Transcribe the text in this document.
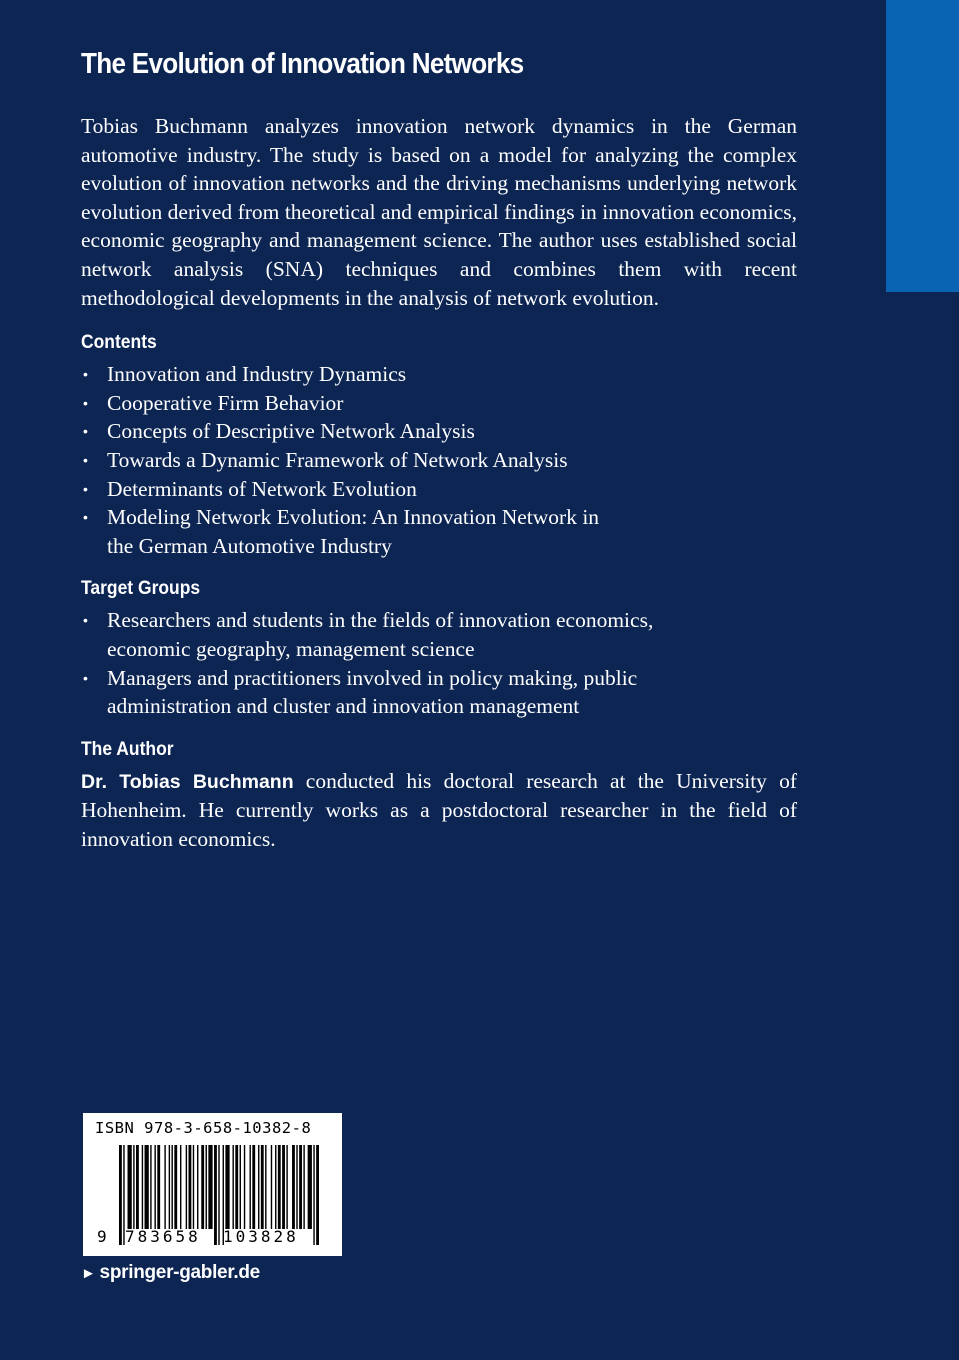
The Evolution of Innovation Networks

Tobias Buchmann analyzes innovation network dynamics in the German automotive industry. The study is based on a model for analyzing the complex evolution of innovation networks and the driving mechanisms underlying network evolution derived from theoretical and empirical findings in innovation economics, economic geography and management science. The author uses established social network analysis (SNA) techniques and combines them with recent methodological developments in the analysis of network evolution.

Contents
• Innovation and Industry Dynamics
• Cooperative Firm Behavior
• Concepts of Descriptive Network Analysis
• Towards a Dynamic Framework of Network Analysis
• Determinants of Network Evolution
• Modeling Network Evolution: An Innovation Network in the German Automotive Industry
Target Groups
• Researchers and students in the fields of innovation economics, economic geography, management science
• Managers and practitioners involved in policy making, public administration and cluster and innovation management
The Author

Dr. Tobias Buchmann conducted his doctoral research at the University of Hohenheim. He currently works as a postdoctoral researcher in the field of innovation economics.

ISBN 978-3-658-10382-8
9 783658 103828
► springer-gabler.de
